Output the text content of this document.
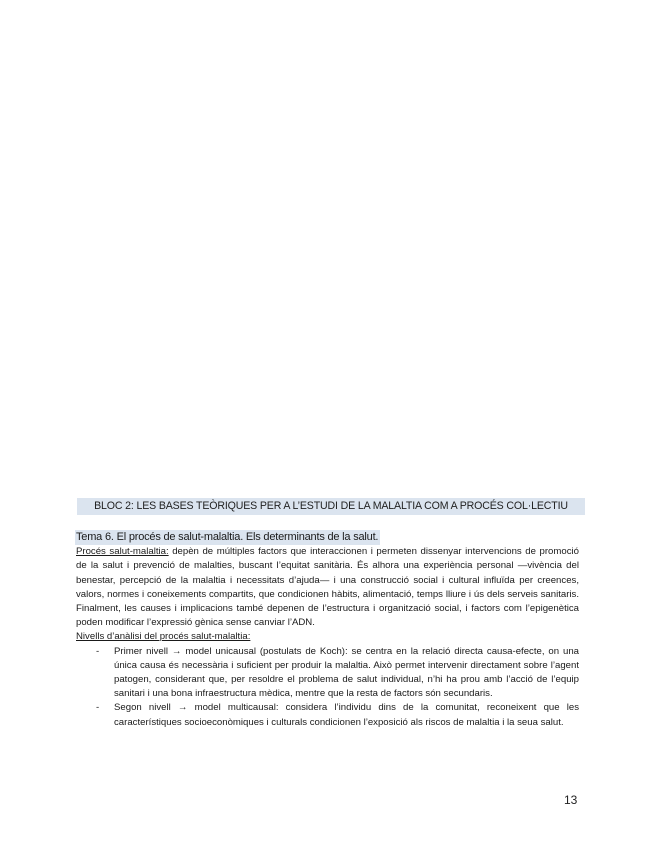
BLOC 2: LES BASES TEÒRIQUES PER A L’ESTUDI DE LA MALALTIA COM A PROCÉS COL·LECTIU
Tema 6. El procés de salut-malaltia. Els determinants de la salut.

Procés salut-malaltia: depèn de múltiples factors que interaccionen i permeten dissenyar intervencions de promoció de la salut i prevenció de malalties, buscant l’equitat sanitària. És alhora una experiència personal —vivència del benestar, percepció de la malaltia i necessitats d’ajuda— i una construcció social i cultural influïda per creences, valors, normes i coneixements compartits, que condicionen hàbits, alimentació, temps lliure i ús dels serveis sanitaris. Finalment, les causes i implicacions també depenen de l’estructura i organització social, i factors com l’epigenètica poden modificar l’expressió gènica sense canviar l’ADN.

Nivells d’anàlisi del procés salut-malaltia:
- Primer nivell → model unicausal (postulats de Koch): se centra en la relació directa causa-efecte, on una única causa és necessària i suficient per produir la malaltia. Això permet intervenir directament sobre l’agent patogen, considerant que, per resoldre el problema de salut individual, n’hi ha prou amb l’acció de l’equip sanitari i una bona infraestructura mèdica, mentre que la resta de factors són secundaris.
- Segon nivell → model multicausal: considera l’individu dins de la comunitat, reconeixent que les característiques socioeconòmiques i culturals condicionen l’exposició als riscos de malaltia i la seua salut.
13
